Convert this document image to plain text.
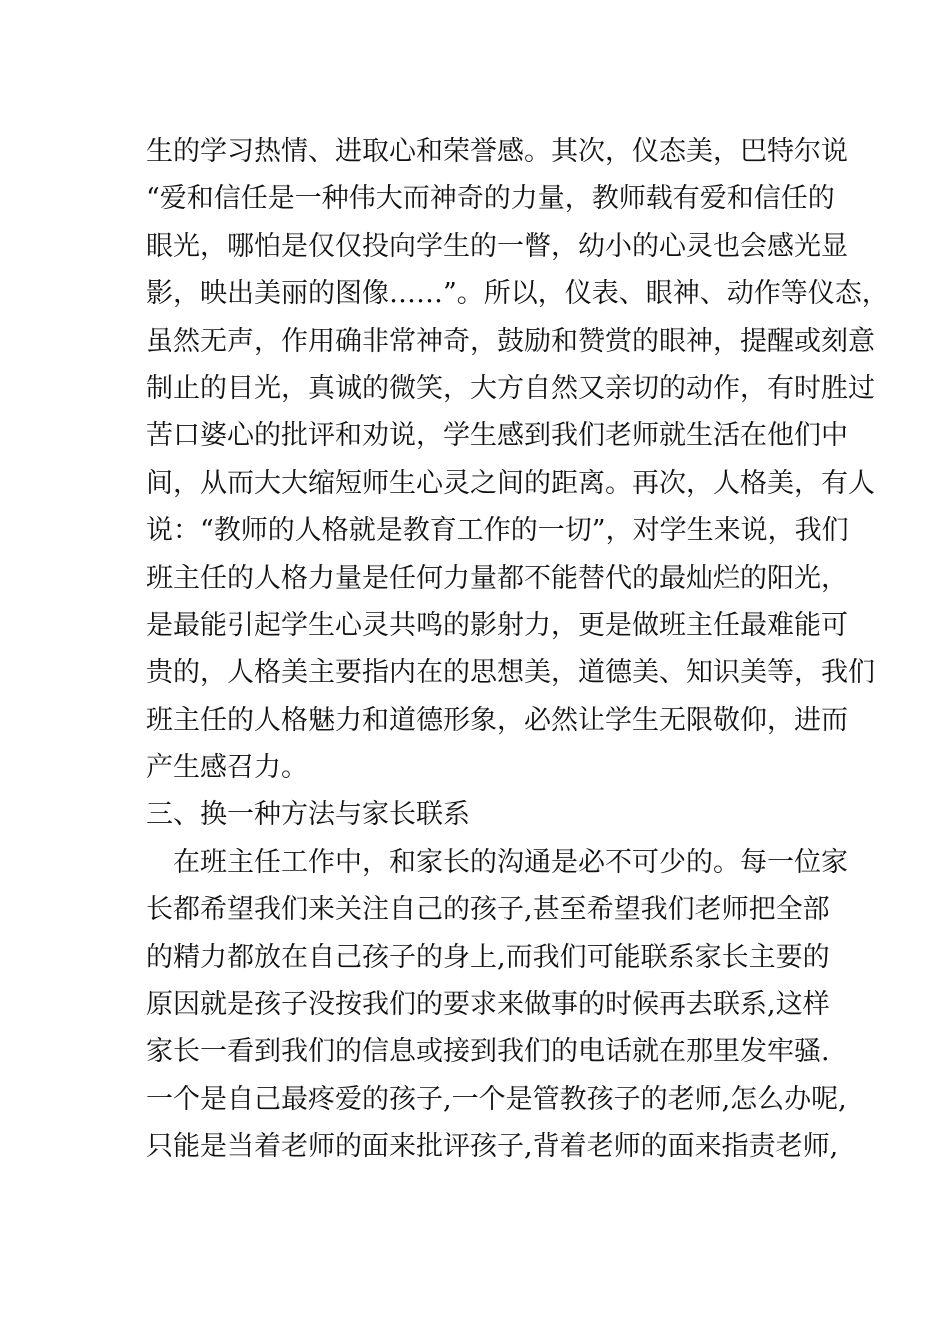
生的学习热情、进取心和荣誉感。其次，仪态美，巴特尔说
“爱和信任是一种伟大而神奇的力量，教师载有爱和信任的
眼光，哪怕是仅仅投向学生的一瞥，幼小的心灵也会感光显
影，映出美丽的图像……”。所以，仪表、眼神、动作等仪态，
虽然无声，作用确非常神奇，鼓励和赞赏的眼神，提醒或刻意
制止的目光，真诚的微笑，大方自然又亲切的动作，有时胜过
苦口婆心的批评和劝说，学生感到我们老师就生活在他们中
间，从而大大缩短师生心灵之间的距离。再次，人格美，有人
说：“教师的人格就是教育工作的一切”，对学生来说，我们
班主任的人格力量是任何力量都不能替代的最灿烂的阳光，
是最能引起学生心灵共鸣的影射力，更是做班主任最难能可
贵的，人格美主要指内在的思想美，道德美、知识美等，我们
班主任的人格魅力和道德形象，必然让学生无限敬仰，进而
产生感召力。
三、换一种方法与家长联系
在班主任工作中，和家长的沟通是必不可少的。每一位家
长都希望我们来关注自己的孩子,甚至希望我们老师把全部
的精力都放在自己孩子的身上,而我们可能联系家长主要的
原因就是孩子没按我们的要求来做事的时候再去联系,这样
家长一看到我们的信息或接到我们的电话就在那里发牢骚.
一个是自己最疼爱的孩子,一个是管教孩子的老师,怎么办呢,
只能是当着老师的面来批评孩子,背着老师的面来指责老师,
